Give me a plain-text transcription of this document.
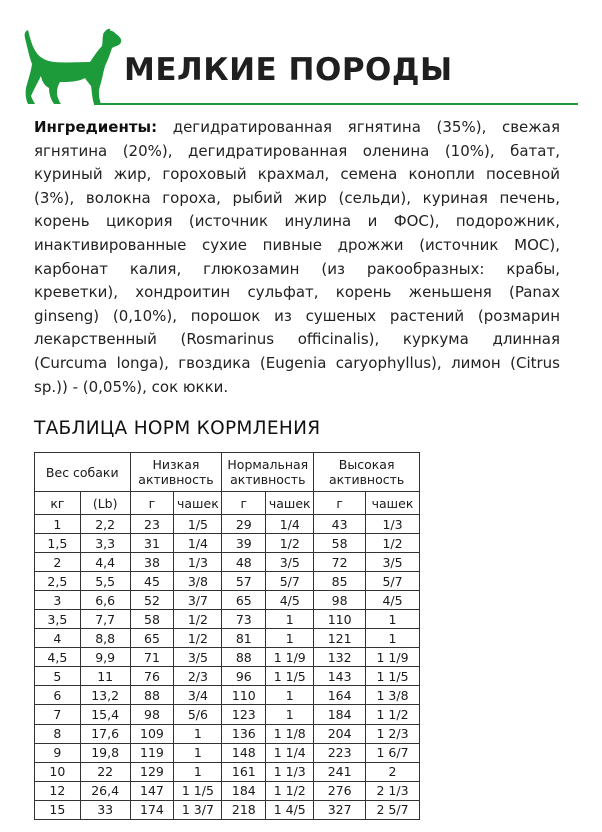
МЕЛКИЕ ПОРОДЫ
Ингредиенты: дегидратированная ягнятина (35%), свежая ягнятина (20%), дегидратированная оленина (10%), батат, куриный жир, гороховый крахмал, семена конопли посевной (3%), волокна гороха, рыбий жир (сельди), куриная печень, корень цикория (источник инулина и ФОС), подорожник, инактивированные сухие пивные дрожжи (источник МОС), карбонат калия, глюкозамин (из ракообразных: крабы, креветки), хондроитин сульфат, корень женьшеня (Panax ginseng) (0,10%), порошок из сушеных растений (розмарин лекарственный (Rosmarinus officinalis), куркума длинная (Curcuma longa), гвоздика (Eugenia caryophyllus), лимон (Citrus sp.)) - (0,05%), сок юкки.
ТАБЛИЦА НОРМ КОРМЛЕНИЯ
Вес собаки		Низкая активность		Нормальная активность		Высокая активность	
кг	(Lb)	г	чашек	г	чашек	г	чашек
1	2,2	23	1/5	29	1/4	43	1/3
1,5	3,3	31	1/4	39	1/2	58	1/2
2	4,4	38	1/3	48	3/5	72	3/5
2,5	5,5	45	3/8	57	5/7	85	5/7
3	6,6	52	3/7	65	4/5	98	4/5
3,5	7,7	58	1/2	73	1	110	1
4	8,8	65	1/2	81	1	121	1
4,5	9,9	71	3/5	88	1 1/9	132	1 1/9
5	11	76	2/3	96	1 1/5	143	1 1/5
6	13,2	88	3/4	110	1	164	1 3/8
7	15,4	98	5/6	123	1	184	1 1/2
8	17,6	109	1	136	1 1/8	204	1 2/3
9	19,8	119	1	148	1 1/4	223	1 6/7
10	22	129	1	161	1 1/3	241	2
12	26,4	147	1 1/5	184	1 1/2	276	2 1/3
15	33	174	1 3/7	218	1 4/5	327	2 5/7
